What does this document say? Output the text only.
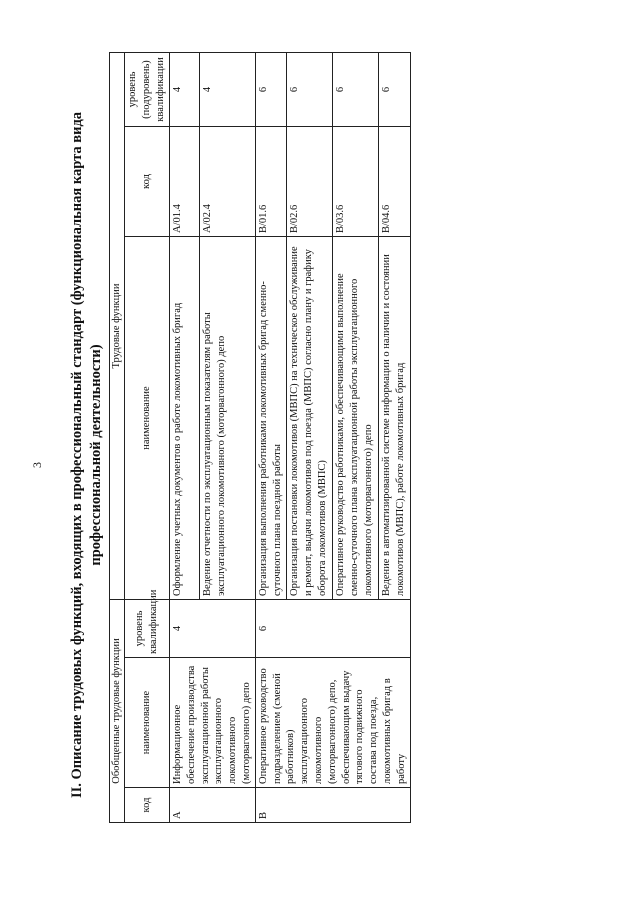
3 II. Описание трудовых функций, входящих в профессиональный стандарт (функциональная карта вида профессиональной деятельности)
Обобщенные трудовые функции			Трудовые функции		
код	наименование	уровень квалификации	наименование	код	уровень (подуровень) квалификации
A	Информационное обеспечение производства эксплуатационной работы эксплуатационного локомотивного (моторвагонного) депо	4	Оформление учетных документов о работе локомотивных бригад	A/01.4	4
			Ведение отчетности по эксплуатационным показателям работы эксплуатационного локомотивного (моторвагонного) депо	A/02.4	4
B	Оперативное руководство подразделением (сменой работников) эксплуатационного локомотивного (моторвагонного) депо, обеспечивающим выдачу тягового подвижного состава под поезда, локомотивных бригад в работу	6	Организация выполнения работниками локомотивных бригад сменно-суточного плана поездной работы	B/01.6	6
			Организация постановки локомотивов (МВПС) на техническое обслуживание и ремонт, выдачи локомотивов под поезда (МВПС) согласно плану и графику оборота локомотивов (МВПС)	B/02.6	6
			Оперативное руководство работниками, обеспечивающими выполнение сменно-суточного плана эксплуатационной работы эксплуатационного локомотивного (моторвагонного) депо	B/03.6	6
			Ведение в автоматизированной системе информации о наличии и состоянии локомотивов (МВПС), работе локомотивных бригад	B/04.6	6
